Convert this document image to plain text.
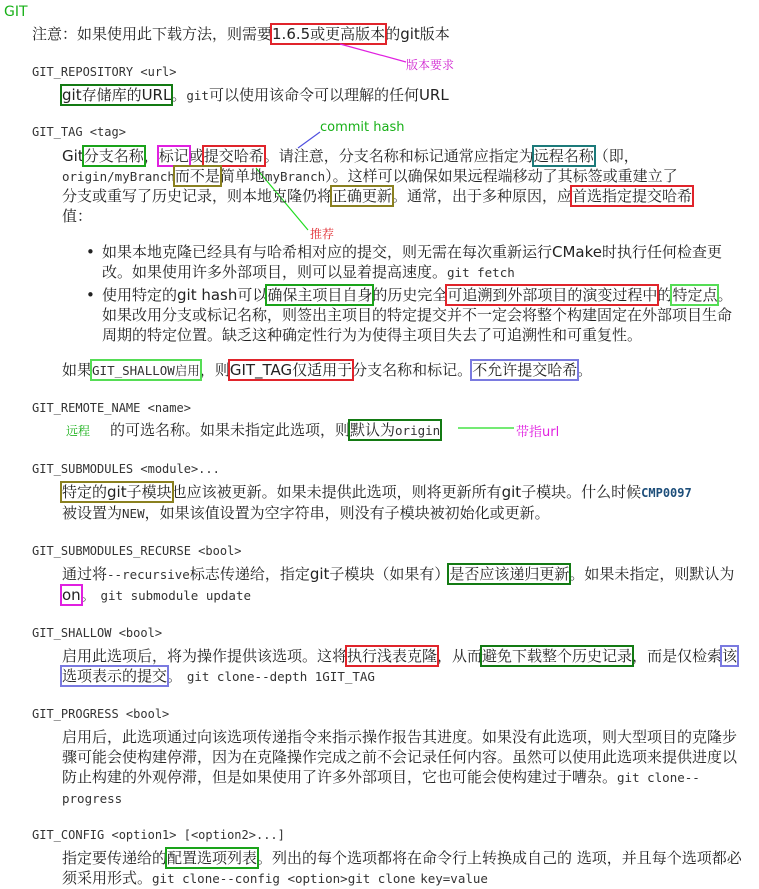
GIT
注意：如果使用此下载方法，则需要1.6.5或更高版本的git版本
版本要求
GIT_REPOSITORY <url>
git存储库的URL。git可以使用该命令可以理解的任何URL
GIT_TAG <tag>	commit hash
Git分支名称，标记或提交哈希。请注意，分支名称和标记通常应指定为远程名称（即，
origin/myBranch而不是简单地myBranch）。这样可以确保如果远程端移动了其标签或重建立了
分支或重写了历史记录，则本地克隆仍将正确更新。通常，出于多种原因，应首选指定提交哈希
值：
推荐
• 如果本地克隆已经具有与哈希相对应的提交，则无需在每次重新运行CMake时执行任何检查更改。如果使用许多外部项目，则可以显着提高速度。git fetch
• 使用特定的git hash可以确保主项目自身的历史完全可追溯到外部项目的演变过程中的特定点。如果改用分支或标记名称，则签出主项目的特定提交并不一定会将整个构建固定在外部项目生命周期的特定位置。缺乏这种确定性行为为使得主项目失去了可追溯性和可重复性。
如果GIT_SHALLOW启用，则GIT_TAG仅适用于分支名称和标记。不允许提交哈希。
GIT_REMOTE_NAME <name>
远程 的可选名称。如果未指定此选项，则默认为origin	带指url
GIT_SUBMODULES <module>...
特定的git子模块也应该被更新。如果未提供此选项，则将更新所有git子模块。什么时候CMP0097
被设置为NEW，如果该值设置为空字符串，则没有子模块被初始化或更新。
GIT_SUBMODULES_RECURSE <bool>
通过将--recursive标志传递给，指定git子模块（如果有）是否应该递归更新。如果未指定，则默认为on。 git submodule update
GIT_SHALLOW <bool>
启用此选项后，将为操作提供该选项。这将执行浅表克隆，从而避免下载整个历史记录，而是仅检索该选项表示的提交。 git clone--depth 1GIT_TAG
GIT_PROGRESS <bool>
启用后，此选项通过向该选项传递指令来指示操作报告其进度。如果没有此选项，则大型项目的克隆步骤可能会使构建停滞，因为在克隆操作完成之前不会记录任何内容。虽然可以使用此选项来提供进度以防止构建的外观停滞，但是如果使用了许多外部项目，它也可能会使构建过于嘈杂。git clone--progress
GIT_CONFIG <option1> [<option2>...]
指定要传递给的配置选项列表。列出的每个选项都将在命令行上转换成自己的 选项，并且每个选项都必须采用形式。git clone--config <option>git clone key=value
